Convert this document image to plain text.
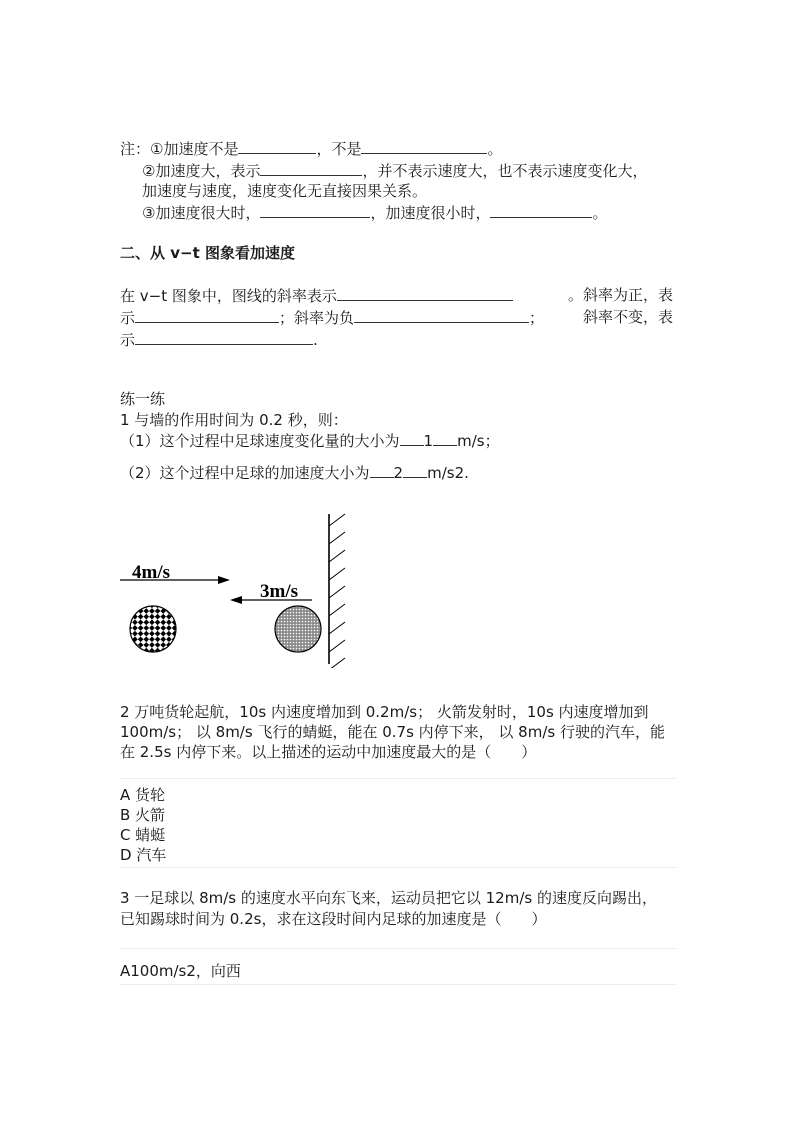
注：①加速度不是	，不是	。
②加速度大，表示	，并不表示速度大，也不表示速度变化大，
加速度与速度，速度变化无直接因果关系。
③加速度很大时，	，加速度很小时，	。
二、从 v−t 图象看加速度
在 v−t 图象中，图线的斜率表示	。斜率为正，表
示	；斜率为负	；	斜率不变，表
示	.
练一练
1 与墙的作用时间为 0.2 秒，则：
（1）这个过程中足球速度变化量的大小为 1 m/s；
（2）这个过程中足球的加速度大小为 2 m/s2.
4m/s
3m/s
2 万吨货轮起航，10s 内速度增加到 0.2m/s； 火箭发射时，10s 内速度增加到
100m/s； 以 8m/s 飞行的蜻蜓，能在 0.7s 内停下来， 以 8m/s 行驶的汽车，能
在 2.5s 内停下来。以上描述的运动中加速度最大的是（　　）
A 货轮
B 火箭
C 蜻蜓
D 汽车
3 一足球以 8m/s 的速度水平向东飞来，运动员把它以 12m/s 的速度反向踢出，
已知踢球时间为 0.2s，求在这段时间内足球的加速度是（　　）
A100m/s2，向西
